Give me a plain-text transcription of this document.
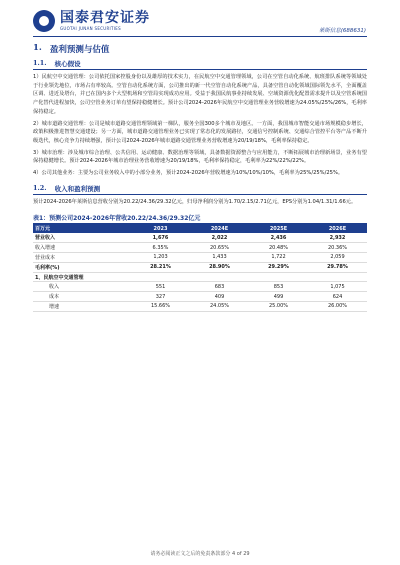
国泰君安证券
GUOTAI JUNAN SECURITIES	莱斯信息(688631)
1. 盈利预测与估值
1.1. 核心假设

1）民航空中交通管理：公司依托国家控股身份以及雄厚的技术实力，在民航空中交通管理领域，公司在空管自动化系统、航班排队系统等领域处于行业领先地位，市场占有率较高。空管自动化系统方面，公司推出的新一代空管自动化系统产品，具备空管自动化领域国际领先水平，全面覆盖区调、进近及塔台，并已在国内多个大型机场和空管局实现成功应用。受益于我国民航事业持续发展、空域资源优化配置需求提升以及空管系统国产化替代进程加快，公司空管业务订单有望保持稳健增长。预计公司2024-2026年民航空中交通管理业务营收增速为24.05%/25%/26%，毛利率保持稳定。

2）城市道路交通管理：公司是城市道路交通管理领域第一梯队，服务全国300多个城市及地区。一方面，我国城市智能交通市场规模稳步增长，政策积极推进智慧交通建设；另一方面，城市道路交通管理业务已实现了常态化的发展路径，交通信号控制系统、交通综合管控平台等产品不断升级迭代，核心竞争力持续增强，预计公司2024-2026年城市道路交通管理业务营收增速为20/19/18%，毛利率保持稳定。

3）城市治理：涉及城市综合治理、公共信用、运动健康、数据治理等领域，具备数据资源整合与应用能力，不断拓展城市治理新场景，业务有望保持稳健增长。预计2024-2026年城市治理业务营收增速为20/19/18%，毛利率保持稳定，毛利率为22%/22%/22%。

4）公司其他业务：主要为公司业务收入中的小部分业务，预计2024-2026年营收增速为10%/10%/10%，毛利率为25%/25%/25%。

1.2. 收入和盈利预测

预计2024-2026年莱斯信息营收分别为20.22/24.36/29.32亿元，归母净利润分别为1.70/2.15/2.71亿元，EPS分别为1.04/1.31/1.66元。

表1：预测公司2024-2026年营收20.22/24.36/29.32亿元
百万元	2023	2024E	2025E	2026E
营业收入	1,676	2,022	2,436	2,932
收入增速	6.35%	20.65%	20.48%	20.36%
营业成本	1,203	1,433	1,722	2,059
毛利率(%)	28.21%	28.90%	29.29%	29.78%
1、民航空中交通管理				
收入	551	683	853	1,075
成本	327	409	499	624
增速	15.66%	24.05%	25.00%	26.00%
请务必阅读正文之后的免责条款部分 4 of 29
